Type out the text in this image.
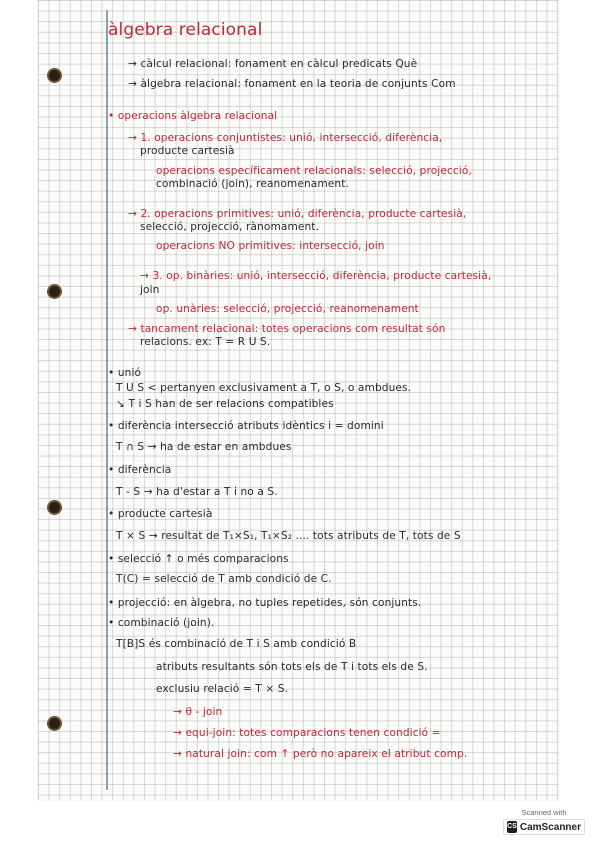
àlgebra relacional
→ càlcul relacional: fonament en càlcul predicats Què
→ àlgebra relacional: fonament en la teoria de conjunts Com
• operacions àlgebra relacional
→ 1. operacions conjuntistes: unió, intersecció, diferència,
producte cartesià
operacions específicament relacionals: selecció, projecció,
combinació (join), reanomenament.
→ 2. operacions primitives: unió, diferència, producte cartesià,
selecció, projecció, rànomament.
operacions NO primitives: intersecció, join
→ 3. op. binàries: unió, intersecció, diferència, producte cartesià,
join
op. unàries: selecció, projecció, reanomenament
→ tancament relacional: totes operacions com resultat són
relacions. ex: T = R U S.
• unió
T U S < pertanyen exclusivament a T, o S, o ambdues.
↘ T i S han de ser relacions compatibles
• diferència intersecció atributs idèntics i = domini
T ∩ S → ha de estar en ambdues
• diferència
T - S → ha d'estar a T i no a S.
• producte cartesià
T × S → resultat de T₁×S₁, T₁×S₂ .... tots atributs de T, tots de S
• selecció ↑ o més comparacions
T(C) = selecció de T amb condició de C.
• projecció: en àlgebra, no tuples repetides, són conjunts.
• combinació (join).
T[B]S és combinació de T i S amb condició B
atributs resultants són tots els de T i tots els de S.
exclusiu relació = T × S.
→ θ - join
→ equi-join: totes comparacions tenen condició =
→ natural join: com ↑ però no apareix el atribut comp.
Scanned with
CS CamScanner
